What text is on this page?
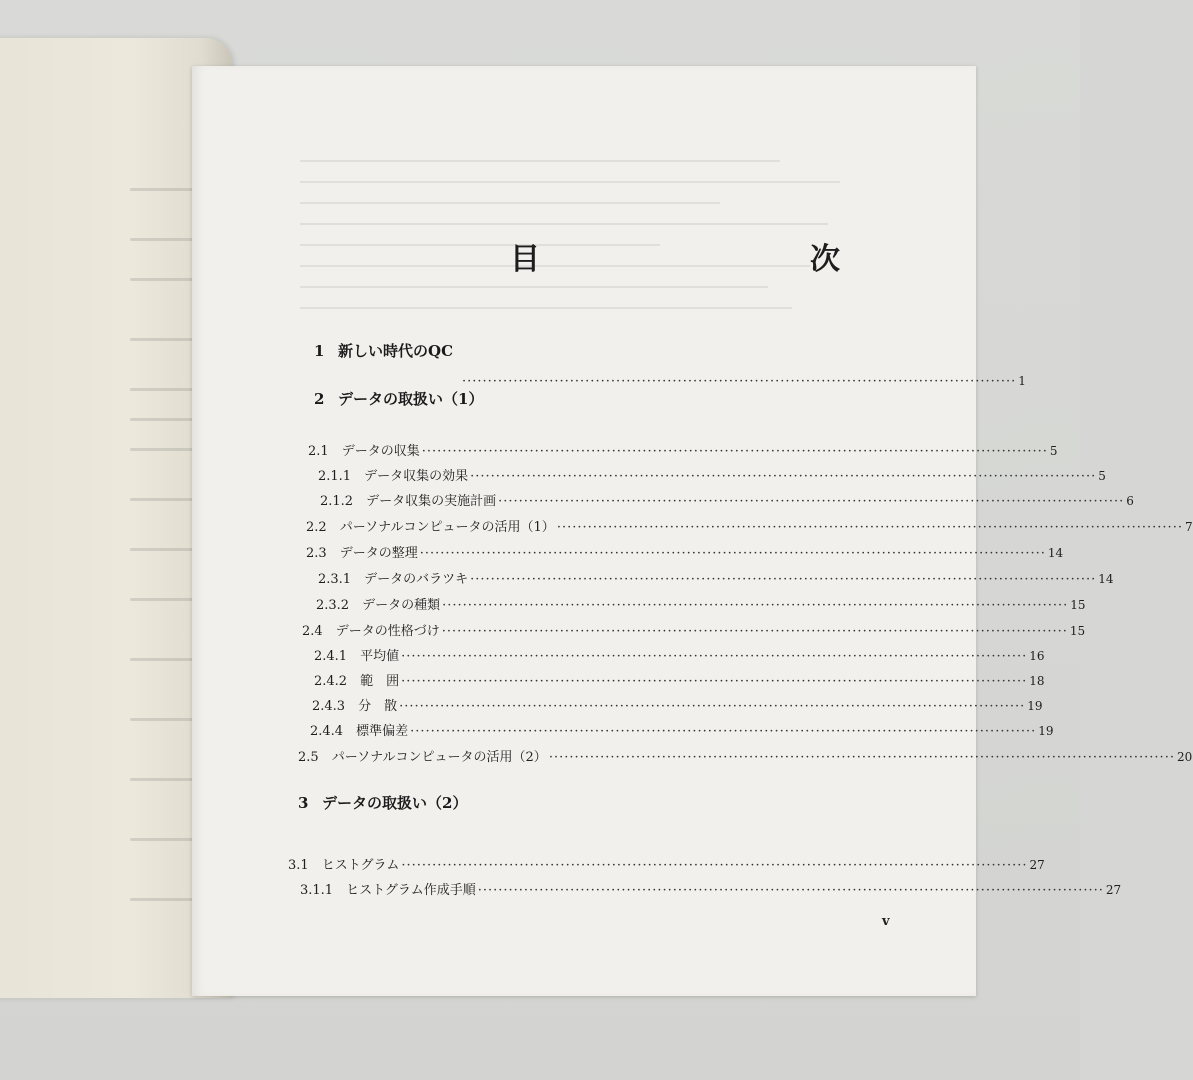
目　次
1 新しい時代のQC
············································································································ 1
2 データの取扱い（1）
2.1　 データの収集 ·························································································································· 5
2.1.1　 データ収集の効果 ·························································································································· 5
2.1.2　 データ収集の実施計画 ·························································································································· 6
2.2　 パーソナルコンピュータの活用（1） ·························································································································· 7
2.3　 データの整理 ·························································································································· 14
2.3.1　 データのバラツキ ·························································································································· 14
2.3.2　 データの種類 ·························································································································· 15
2.4　 データの性格づけ ·························································································································· 15
2.4.1　 平均値 ·························································································································· 16
2.4.2　 範　囲 ·························································································································· 18
2.4.3　 分　散 ·························································································································· 19
2.4.4　 標準偏差 ·························································································································· 19
2.5　 パーソナルコンピュータの活用（2） ·························································································································· 20
3 データの取扱い（2）
3.1　 ヒストグラム ·························································································································· 27
3.1.1　 ヒストグラム作成手順 ·························································································································· 27
v
